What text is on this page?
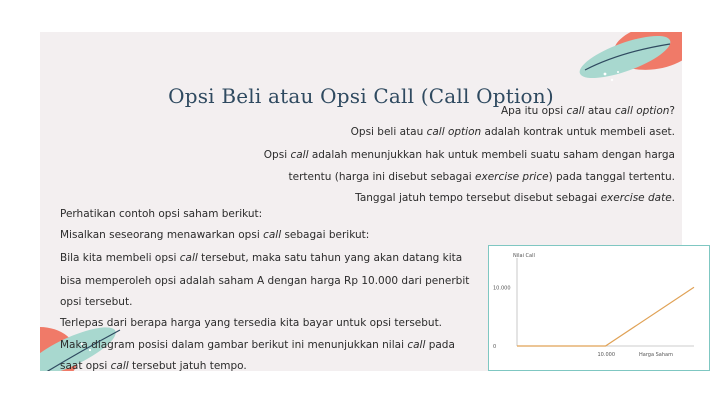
Opsi Beli atau Opsi Call (Call Option)
Apa itu opsi call atau call option?
Opsi beli atau call option adalah kontrak untuk membeli aset.
Opsi call adalah menunjukkan hak untuk membeli suatu saham dengan harga
tertentu (harga ini disebut sebagai exercise price) pada tanggal tertentu.
Tanggal jatuh tempo tersebut disebut sebagai exercise date.
Perhatikan contoh opsi saham berikut:
Misalkan seseorang menawarkan opsi call sebagai berikut:
Bila kita membeli opsi call tersebut, maka satu tahun yang akan datang kita
bisa memperoleh opsi adalah saham A dengan harga Rp 10.000 dari penerbit
opsi tersebut.
Terlepas dari berapa harga yang tersedia kita bayar untuk opsi tersebut.
Maka diagram posisi dalam gambar berikut ini menunjukkan nilai call pada
saat opsi call tersebut jatuh tempo.
Nilai Call
Harga Saham
0
10.000
10.000
